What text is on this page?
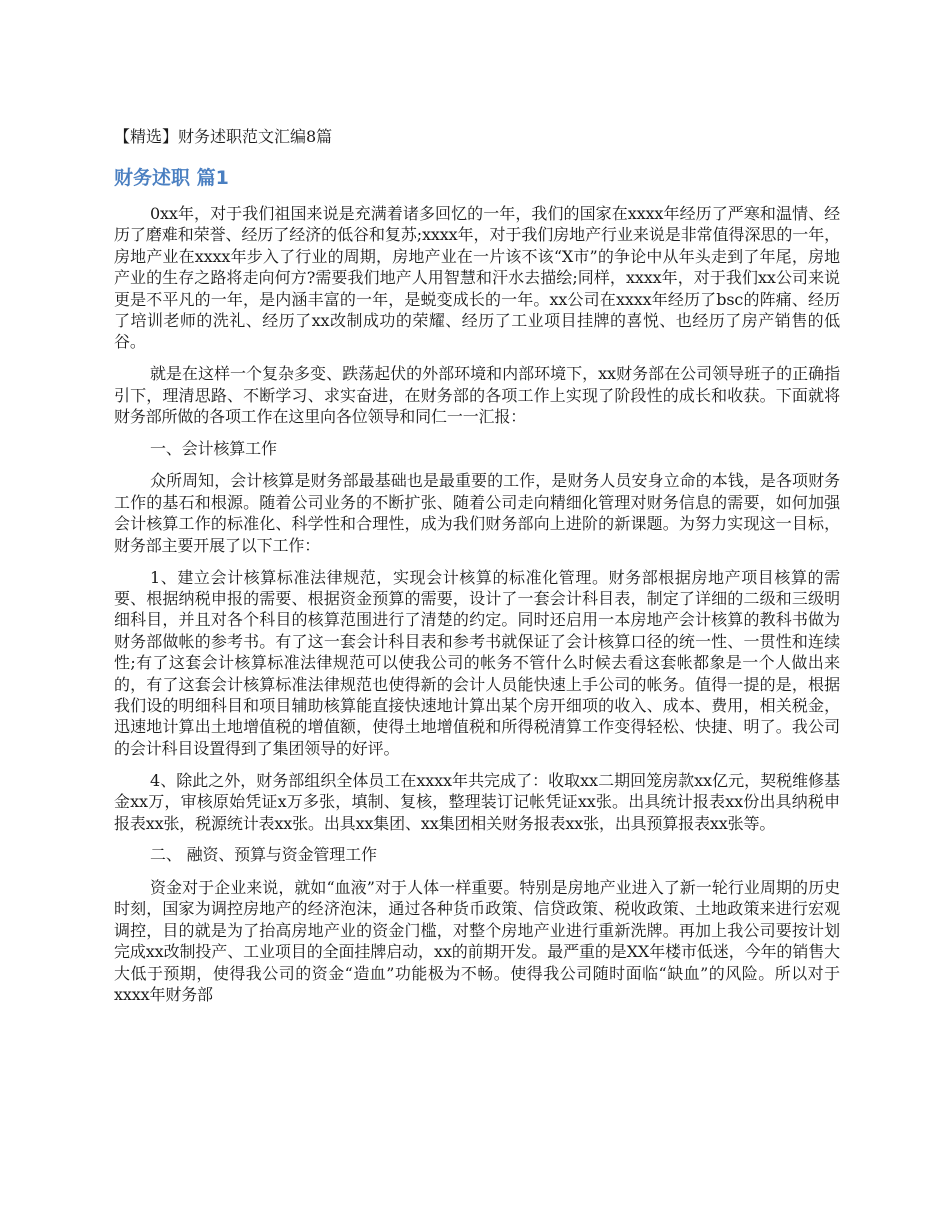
【精选】财务述职范文汇编8篇
财务述职 篇1

0xx年，对于我们祖国来说是充满着诸多回忆的一年，我们的国家在xxxx年经历了严寒和温情、经历了磨难和荣誉、经历了经济的低谷和复苏;xxxx年，对于我们房地产行业来说是非常值得深思的一年，房地产业在xxxx年步入了行业的周期，房地产业在一片该不该“X市”的争论中从年头走到了年尾，房地产业的生存之路将走向何方?需要我们地产人用智慧和汗水去描绘;同样，xxxx年，对于我们xx公司来说更是不平凡的一年，是内涵丰富的一年，是蜕变成长的一年。xx公司在xxxx年经历了bsc的阵痛、经历了培训老师的洗礼、经历了xx改制成功的荣耀、经历了工业项目挂牌的喜悦、也经历了房产销售的低谷。

就是在这样一个复杂多变、跌荡起伏的外部环境和内部环境下，xx财务部在公司领导班子的正确指引下，理清思路、不断学习、求实奋进，在财务部的各项工作上实现了阶段性的成长和收获。下面就将财务部所做的各项工作在这里向各位领导和同仁一一汇报：

一、会计核算工作

众所周知，会计核算是财务部最基础也是最重要的工作，是财务人员安身立命的本钱，是各项财务工作的基石和根源。随着公司业务的不断扩张、随着公司走向精细化管理对财务信息的需要，如何加强会计核算工作的标准化、科学性和合理性，成为我们财务部向上进阶的新课题。为努力实现这一目标，财务部主要开展了以下工作：

1、建立会计核算标准法律规范，实现会计核算的标准化管理。财务部根据房地产项目核算的需要、根据纳税申报的需要、根据资金预算的需要，设计了一套会计科目表，制定了详细的二级和三级明细科目，并且对各个科目的核算范围进行了清楚的约定。同时还启用一本房地产会计核算的教科书做为财务部做帐的参考书。有了这一套会计科目表和参考书就保证了会计核算口径的统一性、一贯性和连续性;有了这套会计核算标准法律规范可以使我公司的帐务不管什么时候去看这套帐都象是一个人做出来的，有了这套会计核算标准法律规范也使得新的会计人员能快速上手公司的帐务。值得一提的是，根据我们设的明细科目和项目辅助核算能直接快速地计算出某个房开细项的收入、成本、费用，相关税金，迅速地计算出土地增值税的增值额，使得土地增值税和所得税清算工作变得轻松、快捷、明了。我公司的会计科目设置得到了集团领导的好评。

4、除此之外，财务部组织全体员工在xxxx年共完成了：收取xx二期回笼房款xx亿元，契税维修基金xx万，审核原始凭证x万多张，填制、复核，整理装订记帐凭证xx张。出具统计报表xx份出具纳税申报表xx张，税源统计表xx张。出具xx集团、xx集团相关财务报表xx张，出具预算报表xx张等。

二、 融资、预算与资金管理工作

资金对于企业来说，就如“血液”对于人体一样重要。特别是房地产业进入了新一轮行业周期的历史时刻，国家为调控房地产的经济泡沫，通过各种货币政策、信贷政策、税收政策、土地政策来进行宏观调控，目的就是为了抬高房地产业的资金门槛，对整个房地产业进行重新洗牌。再加上我公司要按计划完成xx改制投产、工业项目的全面挂牌启动，xx的前期开发。最严重的是XX年楼市低迷，今年的销售大大低于预期，使得我公司的资金“造血”功能极为不畅。使得我公司随时面临“缺血”的风险。所以对于xxxx年财务部
